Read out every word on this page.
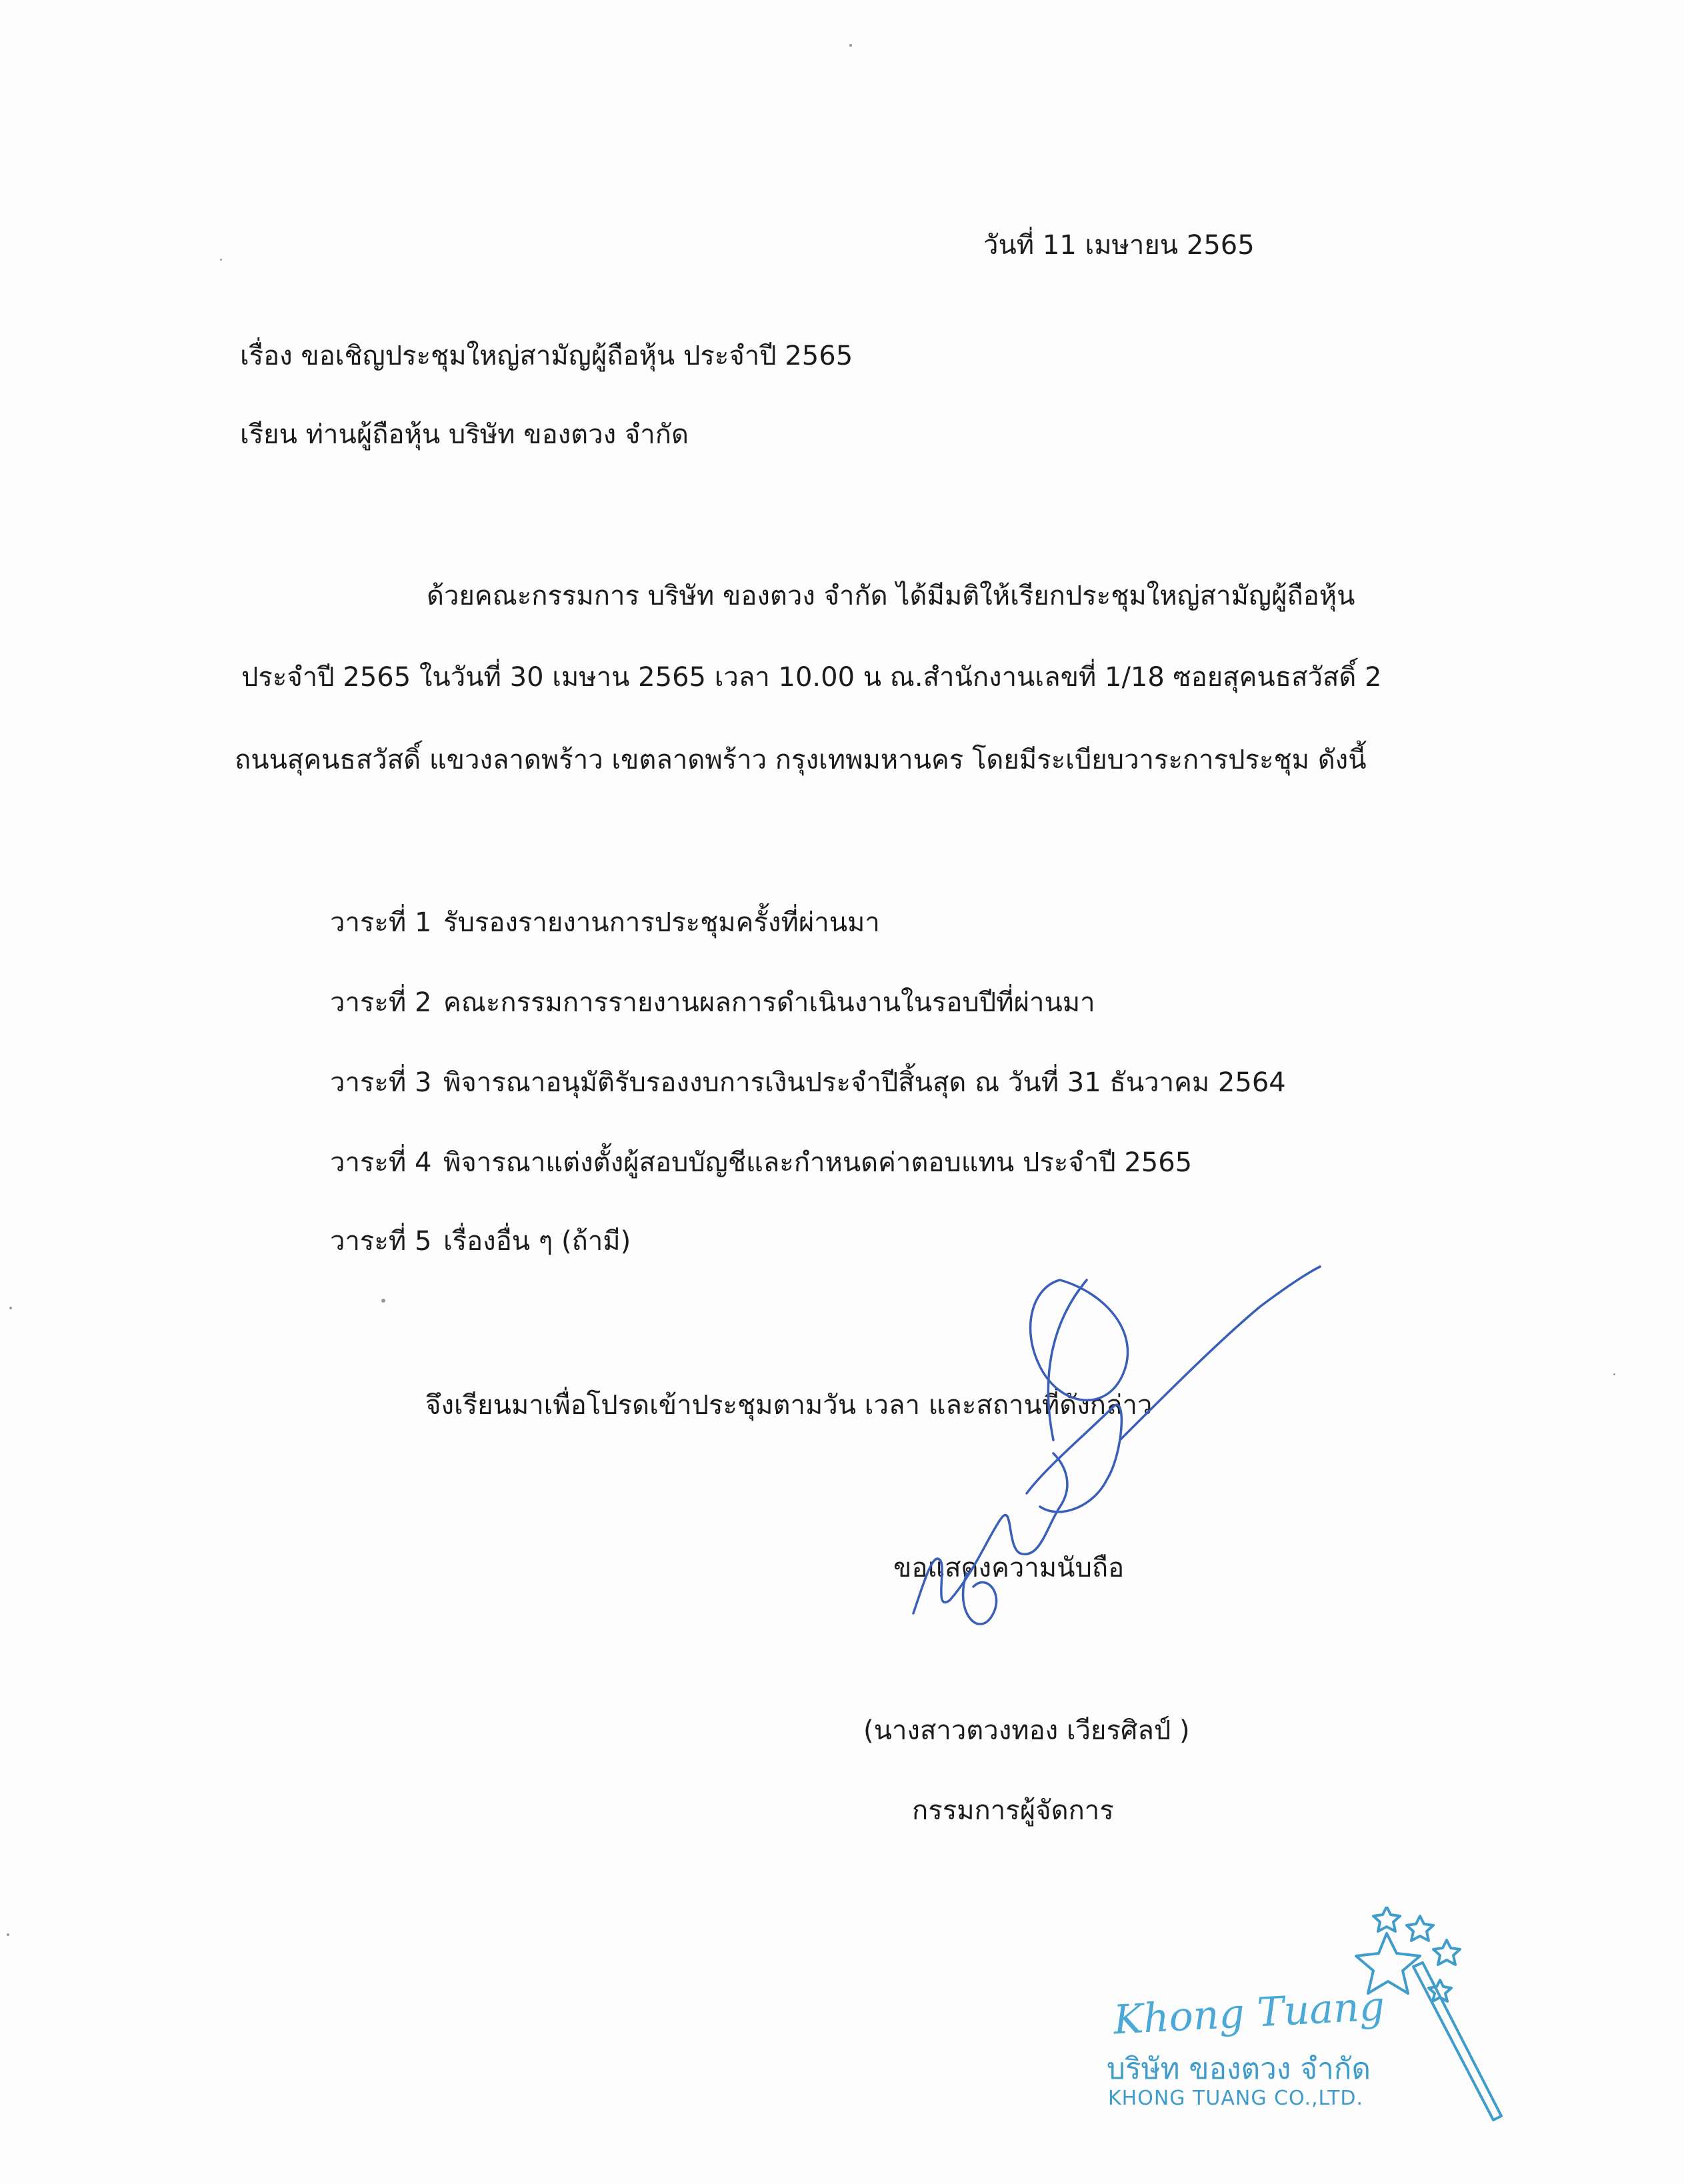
วันที่ 11 เมษายน 2565
เรื่อง ขอเชิญประชุมใหญ่สามัญผู้ถือหุ้น ประจำปี 2565
เรียน ท่านผู้ถือหุ้น บริษัท ของตวง จำกัด
ด้วยคณะกรรมการ บริษัท ของตวง จำกัด ได้มีมติให้เรียกประชุมใหญ่สามัญผู้ถือหุ้น
ประจำปี 2565 ในวันที่ 30 เมษาน 2565 เวลา 10.00 น ณ.สำนักงานเลขที่ 1/18 ซอยสุคนธสวัสดิ์ 2
ถนนสุคนธสวัสดิ์ แขวงลาดพร้าว เขตลาดพร้าว กรุงเทพมหานคร โดยมีระเบียบวาระการประชุม ดังนี้
วาระที่ 1 รับรองรายงานการประชุมครั้งที่ผ่านมา
วาระที่ 2 คณะกรรมการรายงานผลการดำเนินงานในรอบปีที่ผ่านมา
วาระที่ 3 พิจารณาอนุมัติรับรองงบการเงินประจำปีสิ้นสุด ณ วันที่ 31 ธันวาคม 2564
วาระที่ 4 พิจารณาแต่งตั้งผู้สอบบัญชีและกำหนดค่าตอบแทน ประจำปี 2565
วาระที่ 5 เรื่องอื่น ๆ (ถ้ามี)
จึงเรียนมาเพื่อโปรดเข้าประชุมตามวัน เวลา และสถานที่ดังกล่าว
ขอแสดงความนับถือ
(นางสาวตวงทอง เวียรศิลป์ )
กรรมการผู้จัดการ
Khong Tuang
บริษัท ของตวง จำกัด
KHONG TUANG CO.,LTD.
